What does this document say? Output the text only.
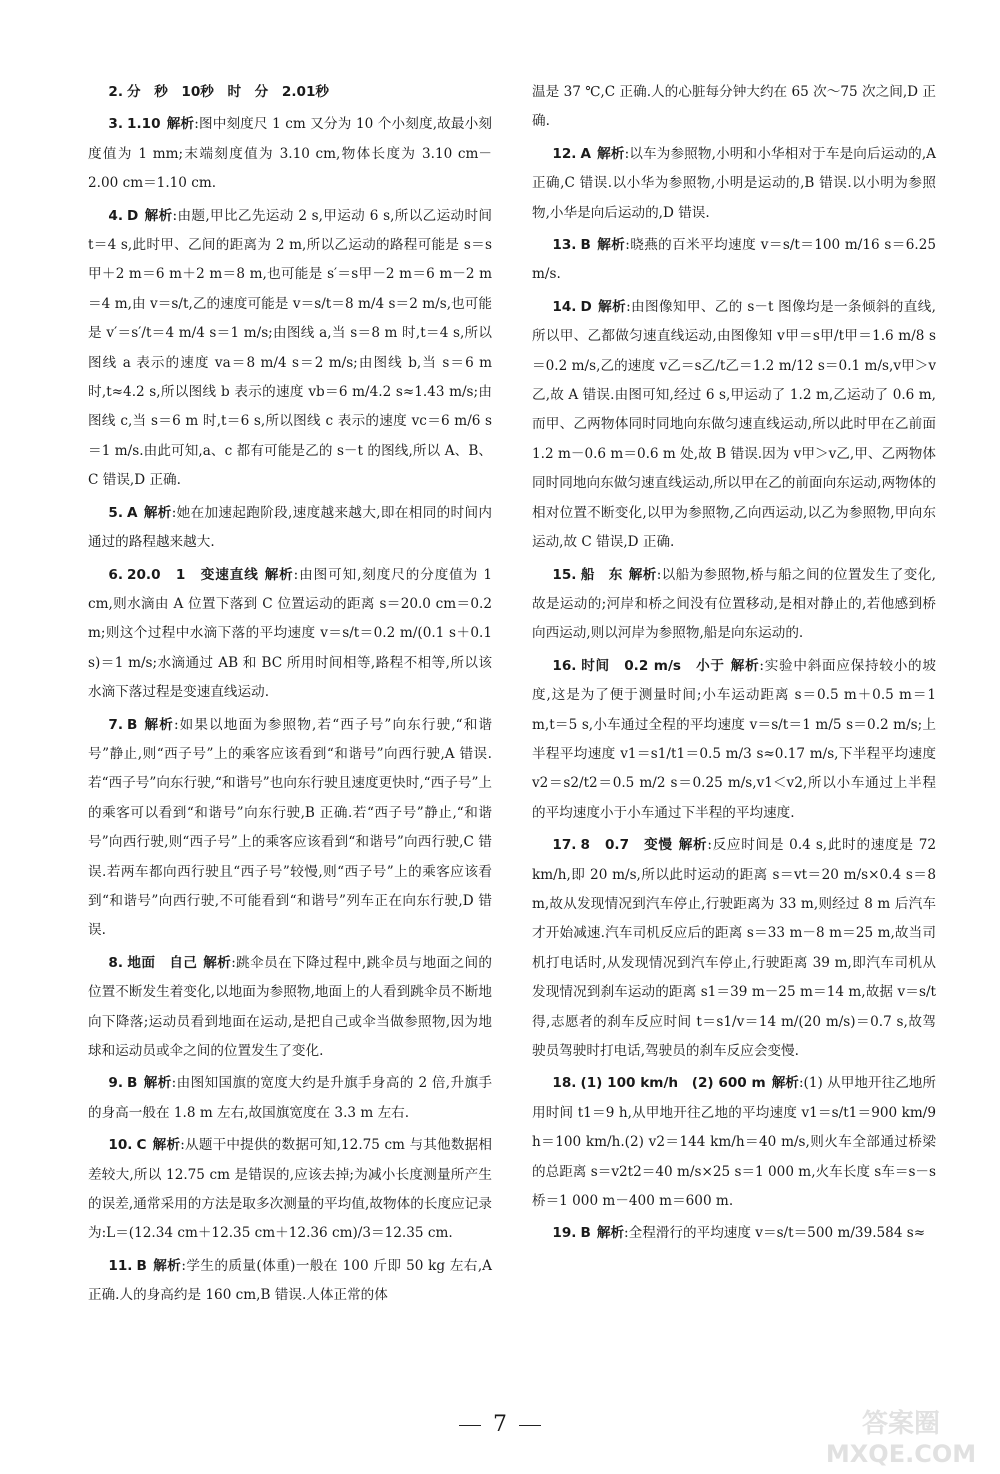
2. 分　秒　10秒　时　分　2.01秒

3. 1.10 解析:图中刻度尺 1 cm 又分为 10 个小刻度,故最小刻度值为 1 mm;末端刻度值为 3.10 cm,物体长度为 3.10 cm－2.00 cm＝1.10 cm.

4. D 解析:由题,甲比乙先运动 2 s,甲运动 6 s,所以乙运动时间 t＝4 s,此时甲、乙间的距离为 2 m,所以乙运动的路程可能是 s＝s甲＋2 m＝6 m＋2 m＝8 m,也可能是 s′＝s甲－2 m＝6 m－2 m＝4 m,由 v＝s/t,乙的速度可能是 v＝s/t＝8 m/4 s＝2 m/s,也可能是 v′＝s′/t＝4 m/4 s＝1 m/s;由图线 a,当 s＝8 m 时,t＝4 s,所以图线 a 表示的速度 va＝8 m/4 s＝2 m/s;由图线 b,当 s＝6 m 时,t≈4.2 s,所以图线 b 表示的速度 vb＝6 m/4.2 s≈1.43 m/s;由图线 c,当 s＝6 m 时,t＝6 s,所以图线 c 表示的速度 vc＝6 m/6 s＝1 m/s.由此可知,a、c 都有可能是乙的 s－t 的图线,所以 A、B、C 错误,D 正确.

5. A 解析:她在加速起跑阶段,速度越来越大,即在相同的时间内通过的路程越来越大.

6. 20.0　1　变速直线 解析:由图可知,刻度尺的分度值为 1 cm,则水滴由 A 位置下落到 C 位置运动的距离 s＝20.0 cm＝0.2 m;则这个过程中水滴下落的平均速度 v＝s/t＝0.2 m/(0.1 s＋0.1 s)＝1 m/s;水滴通过 AB 和 BC 所用时间相等,路程不相等,所以该水滴下落过程是变速直线运动.

7. B 解析:如果以地面为参照物,若“西子号”向东行驶,“和谐号”静止,则“西子号”上的乘客应该看到“和谐号”向西行驶,A 错误.若“西子号”向东行驶,“和谐号”也向东行驶且速度更快时,“西子号”上的乘客可以看到“和谐号”向东行驶,B 正确.若“西子号”静止,“和谐号”向西行驶,则“西子号”上的乘客应该看到“和谐号”向西行驶,C 错误.若两车都向西行驶且“西子号”较慢,则“西子号”上的乘客应该看到“和谐号”向西行驶,不可能看到“和谐号”列车正在向东行驶,D 错误.

8. 地面　自己 解析:跳伞员在下降过程中,跳伞员与地面之间的位置不断发生着变化,以地面为参照物,地面上的人看到跳伞员不断地向下降落;运动员看到地面在运动,是把自己或伞当做参照物,因为地球和运动员或伞之间的位置发生了变化.

9. B 解析:由图知国旗的宽度大约是升旗手身高的 2 倍,升旗手的身高一般在 1.8 m 左右,故国旗宽度在 3.3 m 左右.

10. C 解析:从题干中提供的数据可知,12.75 cm 与其他数据相差较大,所以 12.75 cm 是错误的,应该去掉;为减小长度测量所产生的误差,通常采用的方法是取多次测量的平均值,故物体的长度应记录为:L＝(12.34 cm＋12.35 cm＋12.36 cm)/3＝12.35 cm.

11. B 解析:学生的质量(体重)一般在 100 斤即 50 kg 左右,A 正确.人的身高约是 160 cm,B 错误.人体正常的体

温是 37 ℃,C 正确.人的心脏每分钟大约在 65 次～75 次之间,D 正确.

12. A 解析:以车为参照物,小明和小华相对于车是向后运动的,A 正确,C 错误.以小华为参照物,小明是运动的,B 错误.以小明为参照物,小华是向后运动的,D 错误.

13. B 解析:晓燕的百米平均速度 v＝s/t＝100 m/16 s＝6.25 m/s.

14. D 解析:由图像知甲、乙的 s－t 图像均是一条倾斜的直线,所以甲、乙都做匀速直线运动,由图像知 v甲＝s甲/t甲＝1.6 m/8 s＝0.2 m/s,乙的速度 v乙＝s乙/t乙＝1.2 m/12 s＝0.1 m/s,v甲＞v乙,故 A 错误.由图可知,经过 6 s,甲运动了 1.2 m,乙运动了 0.6 m,而甲、乙两物体同时同地向东做匀速直线运动,所以此时甲在乙前面 1.2 m－0.6 m＝0.6 m 处,故 B 错误.因为 v甲＞v乙,甲、乙两物体同时同地向东做匀速直线运动,所以甲在乙的前面向东运动,两物体的相对位置不断变化,以甲为参照物,乙向西运动,以乙为参照物,甲向东运动,故 C 错误,D 正确.

15. 船　东 解析:以船为参照物,桥与船之间的位置发生了变化,故是运动的;河岸和桥之间没有位置移动,是相对静止的,若他感到桥向西运动,则以河岸为参照物,船是向东运动的.

16. 时间　0.2 m/s　小于 解析:实验中斜面应保持较小的坡度,这是为了便于测量时间;小车运动距离 s＝0.5 m＋0.5 m＝1 m,t＝5 s,小车通过全程的平均速度 v＝s/t＝1 m/5 s＝0.2 m/s;上半程平均速度 v1＝s1/t1＝0.5 m/3 s≈0.17 m/s,下半程平均速度 v2＝s2/t2＝0.5 m/2 s＝0.25 m/s,v1＜v2,所以小车通过上半程的平均速度小于小车通过下半程的平均速度.

17. 8　0.7　变慢 解析:反应时间是 0.4 s,此时的速度是 72 km/h,即 20 m/s,所以此时运动的距离 s＝vt＝20 m/s×0.4 s＝8 m,故从发现情况到汽车停止,行驶距离为 33 m,则经过 8 m 后汽车才开始减速.汽车司机反应后的距离 s＝33 m－8 m＝25 m,故当司机打电话时,从发现情况到汽车停止,行驶距离 39 m,即汽车司机从发现情况到刹车运动的距离 s1＝39 m－25 m＝14 m,故据 v＝s/t 得,志愿者的刹车反应时间 t＝s1/v＝14 m/(20 m/s)＝0.7 s,故驾驶员驾驶时打电话,驾驶员的刹车反应会变慢.

18. (1) 100 km/h　(2) 600 m 解析:(1) 从甲地开往乙地所用时间 t1＝9 h,从甲地开往乙地的平均速度 v1＝s/t1＝900 km/9 h＝100 km/h.(2) v2＝144 km/h＝40 m/s,则火车全部通过桥梁的总距离 s＝v2t2＝40 m/s×25 s＝1 000 m,火车长度 s车＝s－s桥＝1 000 m－400 m＝600 m.

19. B 解析:全程滑行的平均速度 v＝s/t＝500 m/39.584 s≈

7	答案圈
MXQE.COM
